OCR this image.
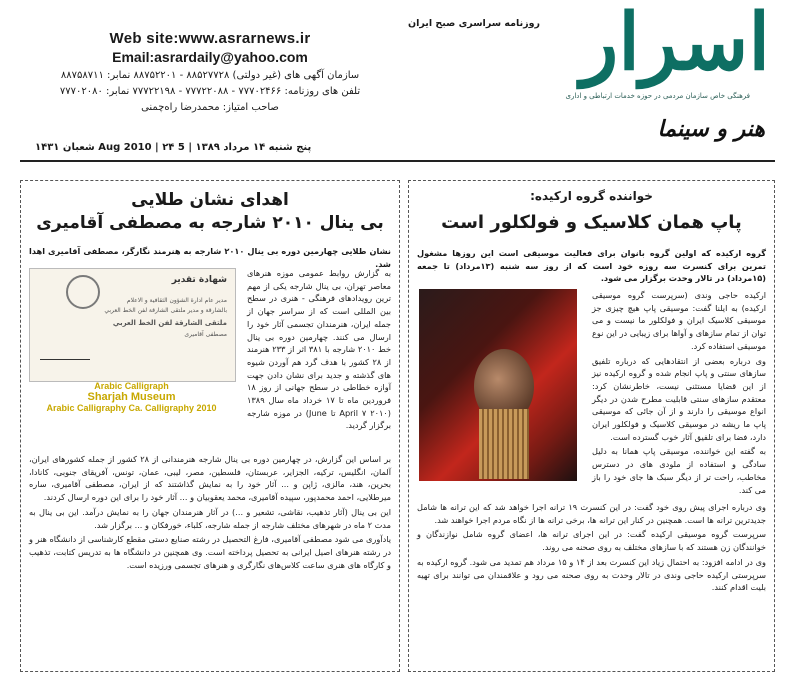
Web site:www.asrarnews.ir
Email:asrardaily@yahoo.com
سازمان آگهی های (غیر دولتی) ۸۸۵۲۷۷۲۸ - ۸۸۷۵۲۲۰۱ نمابر: ۸۸۷۵۸۷۱۱
تلفن های روزنامه: ۷۷۷۰۲۴۶۶ - ۷۷۷۲۲۰۸۸ - ۷۷۷۲۲۱۹۸ نمابر: ۷۷۷۰۲۰۸۰
صاحب امتیاز: محمدرضا راه‌چمنی
روزنامه سراسری صبح ایران اسرار
فرهنگی خاص سازمان مردمی در حوزه خدمات ارتباطی و اداری
هنر و سینما
پنج شنبه ۱۴ مرداد ۱۳۸۹ | 5 Aug 2010 | ۲۴ شعبان ۱۴۳۱
خواننده گروه ارکیده:
پاپ همان کلاسیک و فولکلور است
گروه ارکیده که اولین گروه بانوان برای فعالیت موسیقی است این روزها مشغول تمرین برای کنسرت سه روزه خود است که از روز سه شنبه (۱۳مرداد) تا جمعه (۱۵مرداد) در تالار وحدت برگزار می شود.
ارکیده حاجی وندی (سرپرست گروه موسیقی ارکیده) به ایلنا گفت: موسیقی پاپ هیچ چیزی جز موسیقی کلاسیک ایران و فولکلور ما نیست و می توان از تمام سازهای و آواها برای زیبایی در این نوع موسیقی استفاده کرد.
وی درباره بعضی از انتقادهایی که درباره تلفیق سازهای سنتی و پاپ انجام شده و گروه ارکیده نیز از این قضایا مستثنی نیست، خاطرنشان کرد: معتقدم سازهای سنتی قابلیت مطرح شدن در دیگر انواع موسیقی را دارند و از آن جائی که موسیقی پاپ ما ریشه در موسیقی کلاسیک و فولکلور ایران دارد، فضا برای تلفیق آثار خوب گسترده است.
به گفته این خواننده، موسیقی پاپ همانا به دلیل سادگی و استفاده از ملودی های در دسترس مخاطب، راحت تر از دیگر سبک ها جای خود را باز می کند.
وی درباره اجرای پیش روی خود گفت: در این کنسرت ۱۹ ترانه اجرا خواهد شد که این ترانه ها شامل جدیدترین ترانه ها است. همچنین در کنار این ترانه ها، برخی ترانه ها از نگاه مردم اجرا خواهند شد.
سرپرست گروه موسیقی ارکیده گفت: در این اجرای ترانه ها، اعضای گروه شامل نوازندگان و خوانندگان زن هستند که با سازهای مختلف به روی صحنه می روند.
وی در ادامه افزود: به احتمال زیاد این کنسرت بعد از ۱۴ و ۱۵ مرداد هم تمدید می شود. گروه ارکیده به سرپرستی ارکیده حاجی وندی در تالار وحدت به روی صحنه می رود و علاقمندان می توانند برای تهیه بلیت اقدام کنند.
اهدای نشان طلایی
بی ینال ۲۰۱۰ شارجه به مصطفی آقامیری
نشان طلایی چهارمین دوره بی ینال ۲۰۱۰ شارجه به هنرمند نگارگر، مصطفی آقامیری اهدا شد.
شهادة تقدیر
مدیر عام ادارة الشؤون الثقافیة و الاعلام
بالشارقة و مدیر ملتقی الشارقة لفن الخط العربي
ملتقى الشارقة لفن الخط العربي
مصطفی آقامیری
Arabic Calligraph
Sharjah Museum
Arabic Calligraphy Ca. Calligraphy 2010
به گزارش روابط عمومی موزه هنرهای معاصر تهران، بی ینال شارجه یکی از مهم ترین رویدادهای فرهنگی - هنری در سطح بین المللی است که از سراسر جهان از جمله ایران، هنرمندان تجسمی آثار خود را ارسال می کنند. چهارمین دوره بی ینال خط ۲۰۱۰ شارجه با ۳۸۱ اثر از ۲۳۳ هنرمند از ۲۸ کشور با هدف گرد هم آوردن شیوه های گذشته و جدید برای نشان دادن جهت آوازه خطاطی در سطح جهانی از روز ۱۸ فروردین ماه تا ۱۷ خرداد ماه سال ۱۳۸۹ (۲۰۱۰ April ۷ تا June) در موزه شارجه برگزار گردید.
بر اساس این گزارش، در چهارمین دوره بی ینال شارجه هنرمندانی از ۲۸ کشور از جمله کشورهای ایران، آلمان، انگلیس، ترکیه، الجزایر، عربستان، فلسطین، مصر، لیبی، عمان، تونس، آفریقای جنوبی، کانادا، بحرین، هند، مالزی، ژاپن و ... آثار خود را به نمایش گذاشتند که از ایران، مصطفی آقامیری، ساره میرطلایی، احمد محمدپور، سپیده آقامیری، محمد یعقوبیان و ... آثار خود را برای این دوره ارسال کردند.
این بی ینال (آثار تذهیب، نقاشی، تشعیر و ...) در آثار هنرمندان جهان را به نمایش درآمد. این بی ینال به مدت ۲ ماه در شهرهای مختلف شارجه از جمله شارجه، کلباء، خورفکان و ... برگزار شد.
یادآوری می شود مصطفی آقامیری، فارغ التحصیل در رشته صنایع دستی مقطع کارشناسی از دانشگاه هنر و در رشته هنرهای اصیل ایرانی به تحصیل پرداخته است. وی همچنین در دانشگاه ها به تدریس کتابت، تذهیب و کارگاه های هنری ساعت کلاس‌های نگارگری و هنرهای تجسمی ورزیده است.
